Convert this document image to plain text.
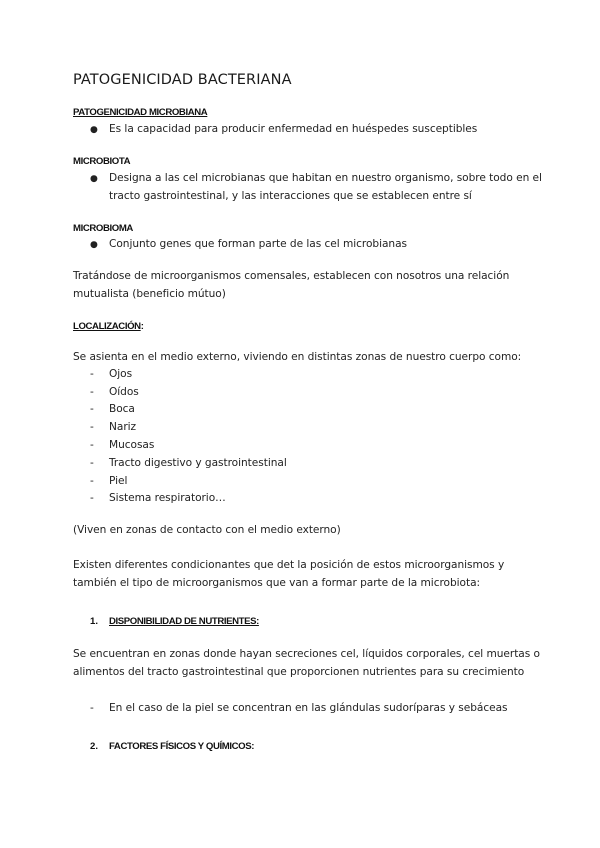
PATOGENICIDAD BACTERIANA
PATOGENICIDAD MICROBIANA
● Es la capacidad para producir enfermedad en huéspedes susceptibles
MICROBIOTA
● Designa a las cel microbianas que habitan en nuestro organismo, sobre todo en el
tracto gastrointestinal, y las interacciones que se establecen entre sí
MICROBIOMA
● Conjunto genes que forman parte de las cel microbianas
Tratándose de microorganismos comensales, establecen con nosotros una relación
mutualista (beneficio mútuo)
LOCALIZACIÓN:
Se asienta en el medio externo, viviendo en distintas zonas de nuestro cuerpo como:
- Ojos
- Oídos
- Boca
- Nariz
- Mucosas
- Tracto digestivo y gastrointestinal
- Piel
- Sistema respiratorio…
(Viven en zonas de contacto con el medio externo)
Existen diferentes condicionantes que det la posición de estos microorganismos y
también el tipo de microorganismos que van a formar parte de la microbiota:
1. DISPONIBILIDAD DE NUTRIENTES:
Se encuentran en zonas donde hayan secreciones cel, líquidos corporales, cel muertas o
alimentos del tracto gastrointestinal que proporcionen nutrientes para su crecimiento
- En el caso de la piel se concentran en las glándulas sudoríparas y sebáceas
2. FACTORES FÍSICOS Y QUÍMICOS:
